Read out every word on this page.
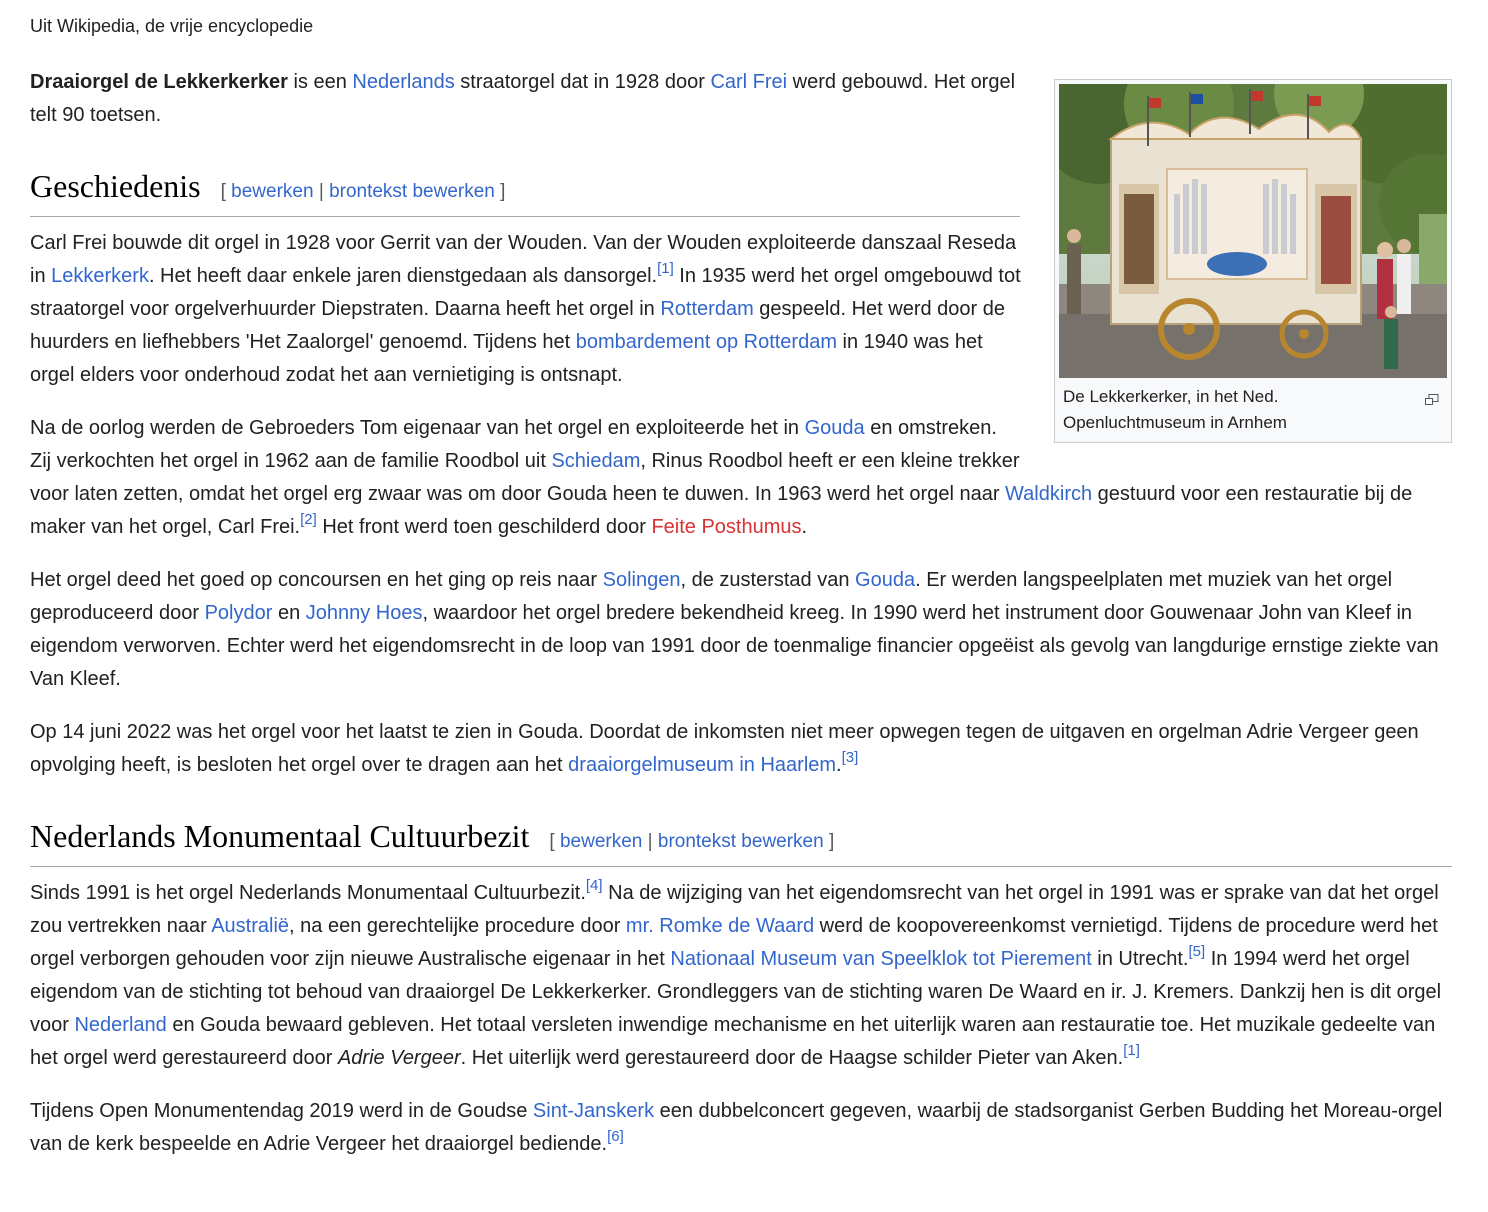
Uit Wikipedia, de vrije encyclopedie
De Lekkerkerker, in het Ned. Openluchtmuseum in Arnhem

Draaiorgel de Lekkerkerker is een Nederlands straatorgel dat in 1928 door Carl Frei werd gebouwd. Het orgel telt 90 toetsen.

Geschiedenis [ bewerken | brontekst bewerken ]

Carl Frei bouwde dit orgel in 1928 voor Gerrit van der Wouden. Van der Wouden exploiteerde danszaal Reseda in Lekkerkerk. Het heeft daar enkele jaren dienstgedaan als dansorgel.[1] In 1935 werd het orgel omgebouwd tot straatorgel voor orgelverhuurder Diepstraten. Daarna heeft het orgel in Rotterdam gespeeld. Het werd door de huurders en liefhebbers 'Het Zaalorgel' genoemd. Tijdens het bombardement op Rotterdam in 1940 was het orgel elders voor onderhoud zodat het aan vernietiging is ontsnapt.

Na de oorlog werden de Gebroeders Tom eigenaar van het orgel en exploiteerde het in Gouda en omstreken. Zij verkochten het orgel in 1962 aan de familie Roodbol uit Schiedam, Rinus Roodbol heeft er een kleine trekker voor laten zetten, omdat het orgel erg zwaar was om door Gouda heen te duwen. In 1963 werd het orgel naar Waldkirch gestuurd voor een restauratie bij de maker van het orgel, Carl Frei.[2] Het front werd toen geschilderd door Feite Posthumus.

Het orgel deed het goed op concoursen en het ging op reis naar Solingen, de zusterstad van Gouda. Er werden langspeelplaten met muziek van het orgel geproduceerd door Polydor en Johnny Hoes, waardoor het orgel bredere bekendheid kreeg. In 1990 werd het instrument door Gouwenaar John van Kleef in eigendom verworven. Echter werd het eigendomsrecht in de loop van 1991 door de toenmalige financier opgeëist als gevolg van langdurige ernstige ziekte van Van Kleef.

Op 14 juni 2022 was het orgel voor het laatst te zien in Gouda. Doordat de inkomsten niet meer opwegen tegen de uitgaven en orgelman Adrie Vergeer geen opvolging heeft, is besloten het orgel over te dragen aan het draaiorgelmuseum in Haarlem.[3]

Nederlands Monumentaal Cultuurbezit [ bewerken | brontekst bewerken ]

Sinds 1991 is het orgel Nederlands Monumentaal Cultuurbezit.[4] Na de wijziging van het eigendomsrecht van het orgel in 1991 was er sprake van dat het orgel zou vertrekken naar Australië, na een gerechtelijke procedure door mr. Romke de Waard werd de koopovereenkomst vernietigd. Tijdens de procedure werd het orgel verborgen gehouden voor zijn nieuwe Australische eigenaar in het Nationaal Museum van Speelklok tot Pierement in Utrecht.[5] In 1994 werd het orgel eigendom van de stichting tot behoud van draaiorgel De Lekkerkerker. Grondleggers van de stichting waren De Waard en ir. J. Kremers. Dankzij hen is dit orgel voor Nederland en Gouda bewaard gebleven. Het totaal versleten inwendige mechanisme en het uiterlijk waren aan restauratie toe. Het muzikale gedeelte van het orgel werd gerestaureerd door Adrie Vergeer. Het uiterlijk werd gerestaureerd door de Haagse schilder Pieter van Aken.[1]

Tijdens Open Monumentendag 2019 werd in de Goudse Sint-Janskerk een dubbelconcert gegeven, waarbij de stadsorganist Gerben Budding het Moreau-orgel van de kerk bespeelde en Adrie Vergeer het draaiorgel bediende.[6]
